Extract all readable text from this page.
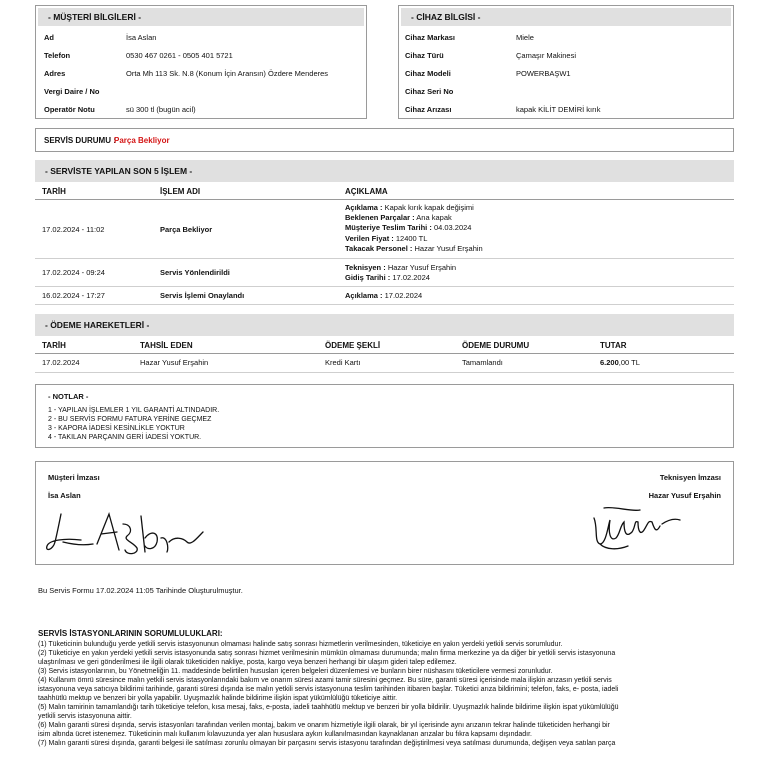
- MÜŞTERİ BİLGİLERİ -
Ad	İsa Aslan
Telefon	0530 467 0261 - 0505 401 5721
Adres	Orta Mh 113 Sk. N.8 (Konum İçin Aransın) Özdere Menderes
Vergi Daire / No
Operatör Notu	sü 300 tl (bugün acil)
- CİHAZ BİLGİSİ -
Cihaz Markası	Miele
Cihaz Türü	Çamaşır Makinesi
Cihaz Modeli	POWERBAŞW1
Cihaz Seri No
Cihaz Arızası	kapak KİLİT DEMİRİ kırık
SERVİS DURUMU :
Parça Bekliyor
- SERVİSTE YAPILAN SON 5 İŞLEM -
TARİH	İŞLEM ADI	AÇIKLAMA
17.02.2024 - 11:02	Parça Bekliyor
Açıklama : Kapak kırık kapak değişimi
Beklenen Parçalar : Ana kapak
Müşteriye Teslim Tarihi : 04.03.2024
Verilen Fiyat : 12400 TL
Takacak Personel : Hazar Yusuf Erşahin
17.02.2024 - 09:24	Servis Yönlendirildi
Teknisyen : Hazar Yusuf Erşahin
Gidiş Tarihi : 17.02.2024
16.02.2024 - 17:27	Servis İşlemi Onaylandı	Açıklama : 17.02.2024
- ÖDEME HAREKETLERİ -
TARİH	TAHSİL EDEN	ÖDEME ŞEKLİ	ÖDEME DURUMU	TUTAR
17.02.2024	Hazar Yusuf Erşahin	Kredi Kartı	Tamamlandı	6.200,00 TL
- NOTLAR -
1 - YAPILAN İŞLEMLER 1 YIL GARANTİ ALTINDADIR.
2 - BU SERVİS FORMU FATURA YERİNE GEÇMEZ
3 - KAPORA İADESİ KESİNLİKLE YOKTUR
4 - TAKILAN PARÇANIN GERİ İADESİ YOKTUR.
Müşteri İmzası
İsa Aslan
Teknisyen İmzası
Hazar Yusuf Erşahin
Bu Servis Formu 17.02.2024 11:05 Tarihinde Oluşturulmuştur.
SERVİS İSTASYONLARININ SORUMLULUKLARI:
(1) Tüketicinin bulunduğu yerde yetkili servis istasyonunun olmaması halinde satış sonrası hizmetlerin verilmesinden, tüketiciye en yakın yerdeki yetkili servis sorumludur.
(2) Tüketiciye en yakın yerdeki yetkili servis istasyonunda satış sonrası hizmet verilmesinin mümkün olmaması durumunda; malın firma merkezine ya da diğer bir yetkili servis istasyonuna
ulaştırılması ve geri gönderilmesi ile ilgili olarak tüketiciden nakliye, posta, kargo veya benzeri herhangi bir ulaşım gideri talep edilemez.
(3) Servis istasyonlarının, bu Yönetmeliğin 11. maddesinde belirtilen hususları içeren belgeleri düzenlemesi ve bunların birer nüshasını tüketicilere vermesi zorunludur.
(4) Kullanım ömrü süresince malın yetkili servis istasyonlarındaki bakım ve onarım süresi azami tamir süresini geçmez. Bu süre, garanti süresi içerisinde mala ilişkin arızasın yetkili servis
istasyonuna veya satıcıya bildirimi tarihinde, garanti süresi dışında ise malın yetkili servis istasyonuna teslim tarihinden itibaren başlar. Tüketici arıza bildirimini; telefon, faks, e- posta, iadeli
taahhütlü mektup ve benzeri bir yolla yapabilir. Uyuşmazlık halinde bildirime ilişkin ispat yükümlülüğü tüketiciye aittir.
(5) Malın tamirinin tamamlandığı tarih tüketiciye telefon, kısa mesaj, faks, e-posta, iadeli taahhütlü mektup ve benzeri bir yolla bildirilir. Uyuşmazlık halinde bildirime ilişkin ispat yükümlülüğü
yetkili servis istasyonuna aittir.
(6) Malın garanti süresi dışında, servis istasyonları tarafından verilen montaj, bakım ve onarım hizmetiyle ilgili olarak, bir yıl içerisinde aynı arızanın tekrar halinde tüketiciden herhangi bir
isim altında ücret istenemez. Tüketicinin malı kullanım kılavuzunda yer alan hususlara aykırı kullanılmasından kaynaklanan arızalar bu fıkra kapsamı dışındadır.
(7) Malın garanti süresi dışında, garanti belgesi ile satılması zorunlu olmayan bir parçasını servis istasyonu tarafından değiştirilmesi veya satılması durumunda, değişen veya satılan parça
